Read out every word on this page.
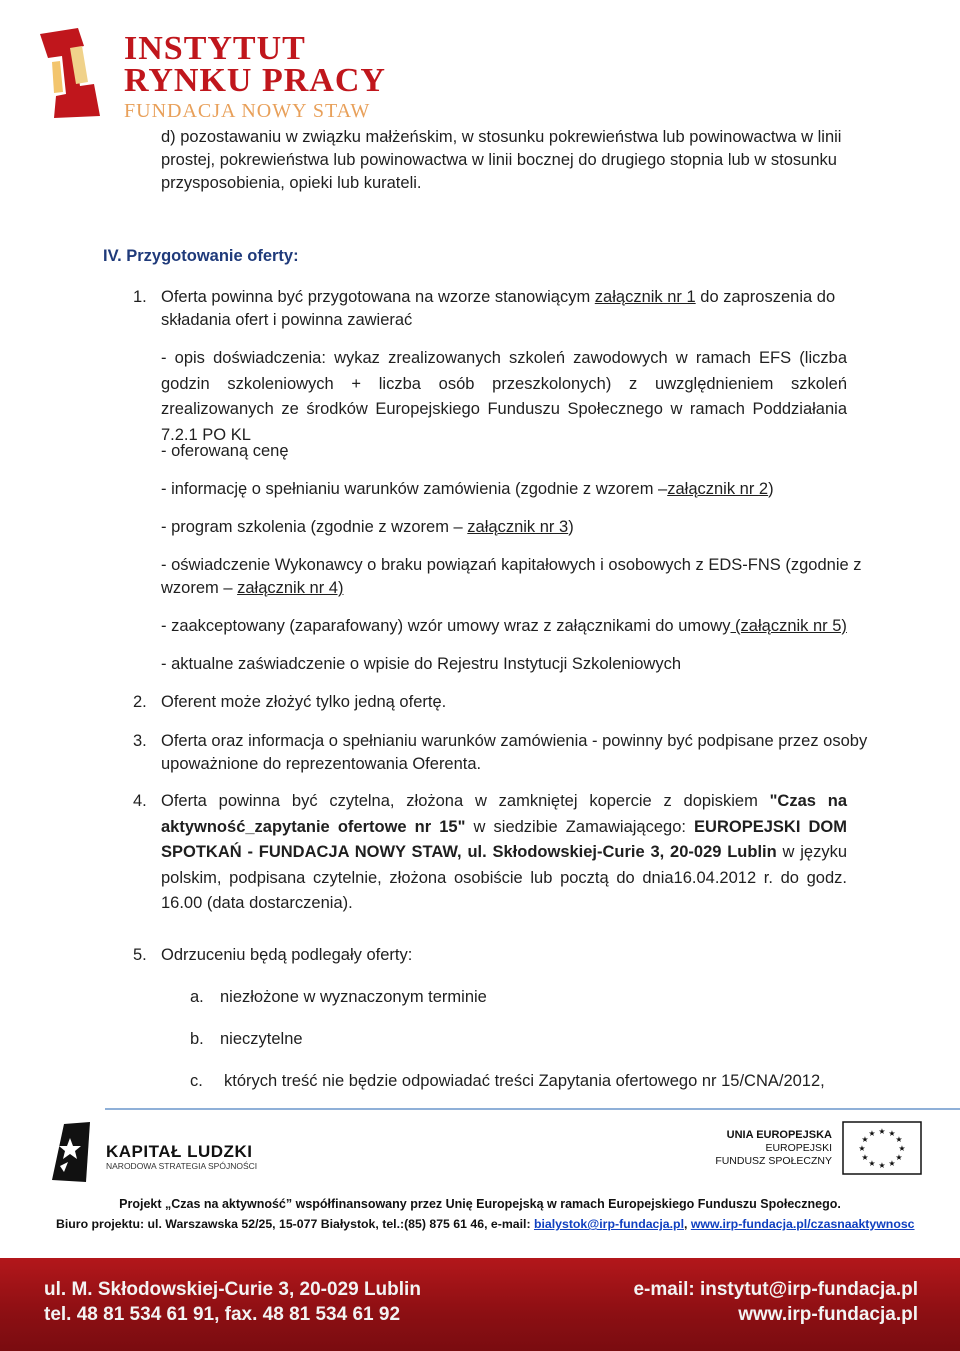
INSTYTUT
RYNKU PRACY
FUNDACJA NOWY STAW
d) pozostawaniu w związku małżeńskim, w stosunku pokrewieństwa lub powinowactwa w linii
prostej, pokrewieństwa lub powinowactwa w linii bocznej do drugiego stopnia lub w stosunku
przysposobienia, opieki lub kurateli.
IV. Przygotowanie oferty:
1. Oferta powinna być przygotowana na wzorze stanowiącym załącznik nr 1 do zaproszenia do
składania ofert i powinna zawierać
- opis doświadczenia: wykaz zrealizowanych szkoleń zawodowych w ramach EFS (liczba godzin szkoleniowych + liczba osób przeszkolonych) z uwzględnieniem szkoleń zrealizowanych ze środków Europejskiego Funduszu Społecznego w ramach Poddziałania 7.2.1 PO KL
- oferowaną cenę
- informację o spełnianiu warunków zamówienia (zgodnie z wzorem –załącznik nr 2)
- program szkolenia (zgodnie z wzorem – załącznik nr 3)
- oświadczenie Wykonawcy o braku powiązań kapitałowych i osobowych z EDS-FNS (zgodnie z
wzorem – załącznik nr 4)
- zaakceptowany (zaparafowany) wzór umowy wraz z załącznikami do umowy (załącznik nr 5)
- aktualne zaświadczenie o wpisie do Rejestru Instytucji Szkoleniowych
2. Oferent może złożyć tylko jedną ofertę.
3. Oferta oraz informacja o spełnianiu warunków zamówienia - powinny być podpisane przez osoby
upoważnione do reprezentowania Oferenta.
4. Oferta powinna być czytelna, złożona w zamkniętej kopercie z dopiskiem "Czas na aktywność_zapytanie ofertowe nr 15" w siedzibie Zamawiającego: EUROPEJSKI DOM SPOTKAŃ - FUNDACJA NOWY STAW, ul. Skłodowskiej-Curie 3, 20-029 Lublin w języku polskim, podpisana czytelnie, złożona osobiście lub pocztą do dnia16.04.2012 r. do godz. 16.00 (data dostarczenia).
5. Odrzuceniu będą podlegały oferty:
a. niezłożone w wyznaczonym terminie
b. nieczytelne
c. których treść nie będzie odpowiadać treści Zapytania ofertowego nr 15/CNA/2012,
KAPITAŁ LUDZKI
NARODOWA STRATEGIA SPÓJNOŚCI
UNIA EUROPEJSKA
EUROPEJSKI
FUNDUSZ SPOŁECZNY
★ ★
★
★
★
★
★
★
★
★
★
★
Projekt „Czas na aktywność” współfinansowany przez Unię Europejską w ramach Europejskiego Funduszu Społecznego.
Biuro projektu: ul. Warszawska 52/25, 15-077 Białystok, tel.:(85) 875 61 46, e-mail: bialystok@irp-fundacja.pl, www.irp-fundacja.pl/czasnaaktywnosc
ul. M. Skłodowskiej-Curie 3, 20-029 Lublin
tel. 48 81 534 61 91, fax. 48 81 534 61 92
e-mail: instytut@irp-fundacja.pl
www.irp-fundacja.pl
